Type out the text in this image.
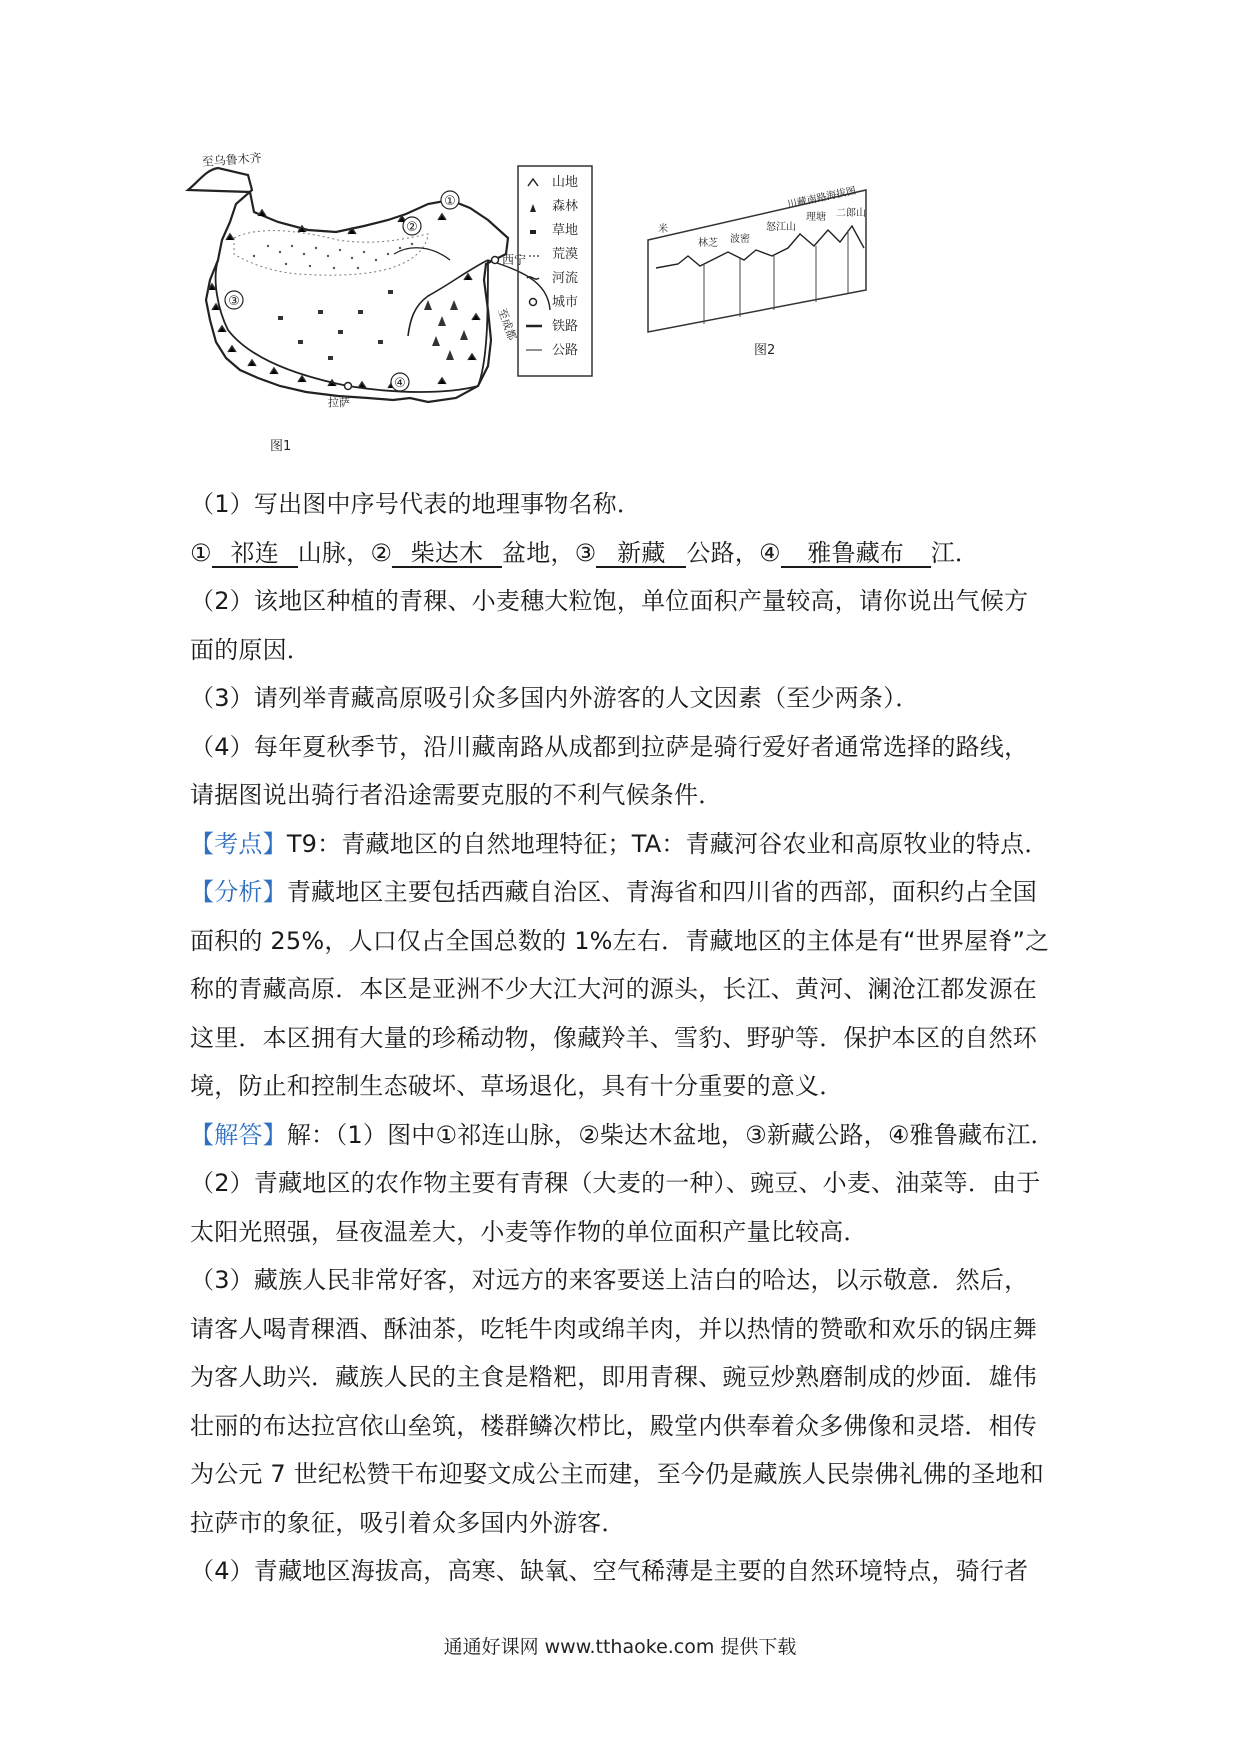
①
②
③
④
至乌鲁木齐
西宁
拉萨
至成都
图1
山地
森林
草地
荒漠
河流
城市
铁路
公路
川藏南路海拔图
米
林芝 波密
怒江山
理塘 二郎山
图2
（1）写出图中序号代表的地理事物名称．
① 祁连 山脉，② 柴达木 盆地，③ 新藏 公路，④ 雅鲁藏布 江．
（2）该地区种植的青稞、小麦穗大粒饱，单位面积产量较高，请你说出气候方
面的原因．
（3）请列举青藏高原吸引众多国内外游客的人文因素（至少两条）．
（4）每年夏秋季节，沿川藏南路从成都到拉萨是骑行爱好者通常选择的路线，
请据图说出骑行者沿途需要克服的不利气候条件．
【考点】T9：青藏地区的自然地理特征；TA：青藏河谷农业和高原牧业的特点．
【分析】青藏地区主要包括西藏自治区、青海省和四川省的西部，面积约占全国
面积的 25%，人口仅占全国总数的 1%左右．青藏地区的主体是有“世界屋脊”之
称的青藏高原．本区是亚洲不少大江大河的源头，长江、黄河、澜沧江都发源在
这里．本区拥有大量的珍稀动物，像藏羚羊、雪豹、野驴等．保护本区的自然环
境，防止和控制生态破坏、草场退化，具有十分重要的意义．
【解答】解：（1）图中①祁连山脉，②柴达木盆地，③新藏公路，④雅鲁藏布江．
（2）青藏地区的农作物主要有青稞（大麦的一种）、豌豆、小麦、油菜等．由于
太阳光照强，昼夜温差大，小麦等作物的单位面积产量比较高．
（3）藏族人民非常好客，对远方的来客要送上洁白的哈达，以示敬意．然后，
请客人喝青稞酒、酥油茶，吃牦牛肉或绵羊肉，并以热情的赞歌和欢乐的锅庄舞
为客人助兴．藏族人民的主食是糌粑，即用青稞、豌豆炒熟磨制成的炒面．雄伟
壮丽的布达拉宫依山垒筑，楼群鳞次栉比，殿堂内供奉着众多佛像和灵塔．相传
为公元 7 世纪松赞干布迎娶文成公主而建，至今仍是藏族人民崇佛礼佛的圣地和
拉萨市的象征，吸引着众多国内外游客．
（4）青藏地区海拔高，高寒、缺氧、空气稀薄是主要的自然环境特点，骑行者
通通好课网 www.tthaoke.com 提供下载
